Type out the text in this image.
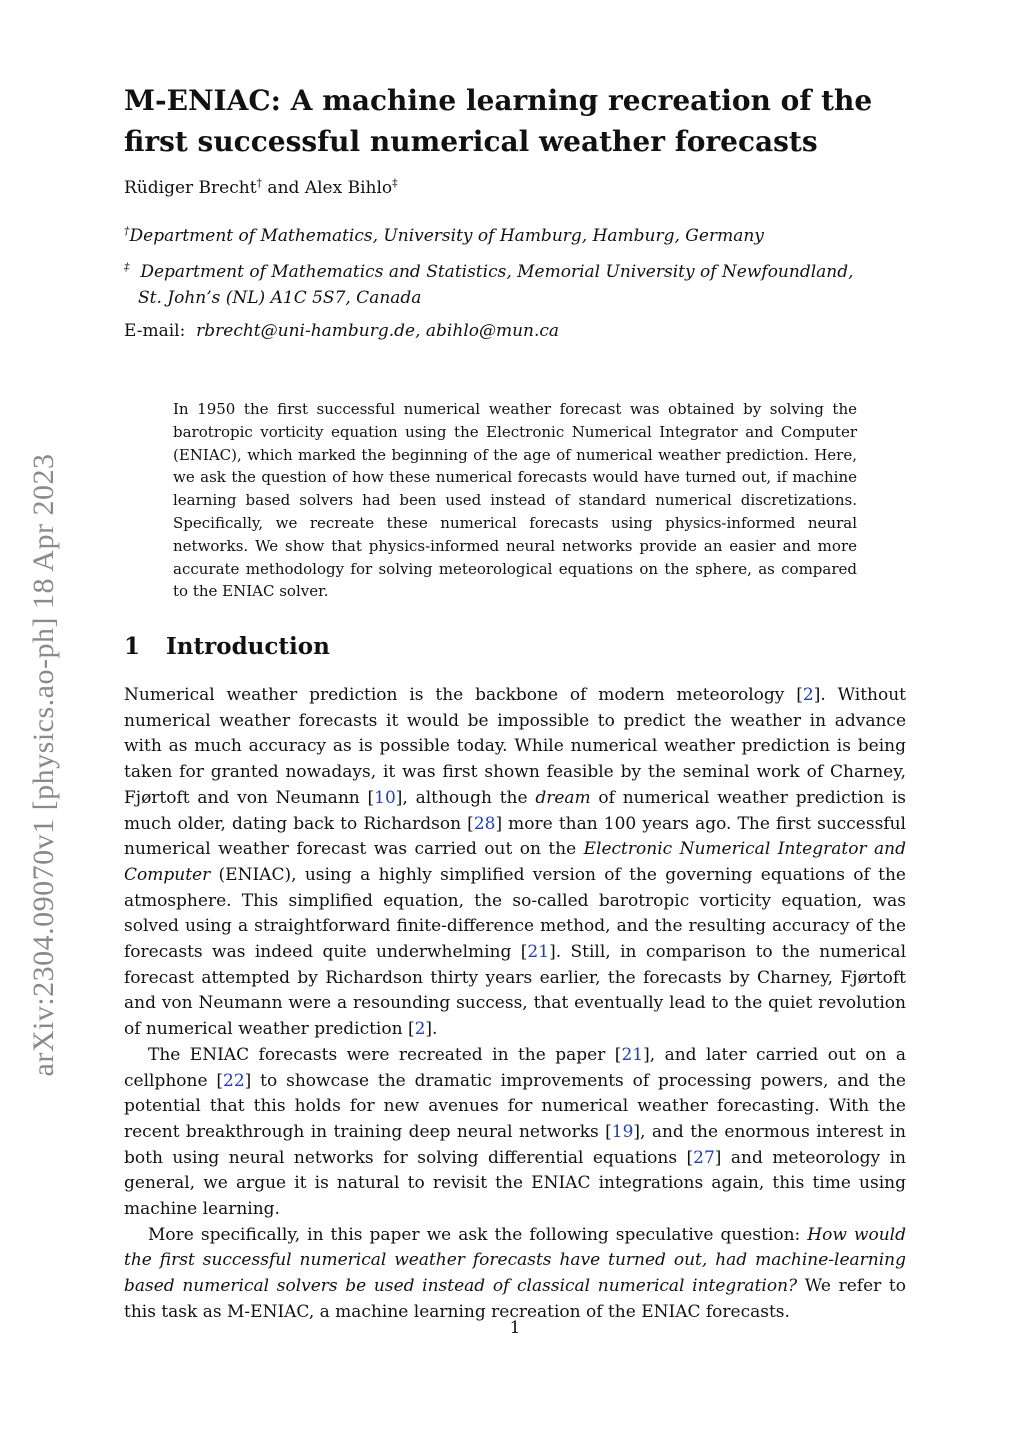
arXiv:2304.09070v1 [physics.ao-ph] 18 Apr 2023
M-ENIAC: A machine learning recreation of the first successful numerical weather forecasts
Rüdiger Brecht† and Alex Bihlo‡
†Department of Mathematics, University of Hamburg, Hamburg, Germany
‡ Department of Mathematics and Statistics, Memorial University of Newfoundland,
St. John’s (NL) A1C 5S7, Canada
E-mail: rbrecht@uni-hamburg.de, abihlo@mun.ca

In 1950 the first successful numerical weather forecast was obtained by solving the barotropic vorticity equation using the Electronic Numerical Integrator and Computer (ENIAC), which marked the beginning of the age of numerical weather prediction. Here, we ask the question of how these numerical forecasts would have turned out, if machine learning based solvers had been used instead of standard numerical discretizations. Specifically, we recreate these numerical forecasts using physics-informed neural networks. We show that physics-informed neural networks provide an easier and more accurate methodology for solving meteorological equations on the sphere, as compared to the ENIAC solver.

1 Introduction

Numerical weather prediction is the backbone of modern meteorology [2]. Without numerical weather forecasts it would be impossible to predict the weather in advance with as much accuracy as is possible today. While numerical weather prediction is being taken for granted nowadays, it was first shown feasible by the seminal work of Charney, Fjørtoft and von Neumann [10], although the dream of numerical weather prediction is much older, dating back to Richardson [28] more than 100 years ago. The first successful numerical weather forecast was carried out on the Electronic Numerical Integrator and Computer (ENIAC), using a highly simplified version of the governing equations of the atmosphere. This simplified equation, the so-called barotropic vorticity equation, was solved using a straightforward finite-difference method, and the resulting accuracy of the forecasts was indeed quite underwhelming [21]. Still, in comparison to the numerical forecast attempted by Richardson thirty years earlier, the forecasts by Charney, Fjørtoft and von Neumann were a resounding success, that eventually lead to the quiet revolution of numerical weather prediction [2].

The ENIAC forecasts were recreated in the paper [21], and later carried out on a cellphone [22] to showcase the dramatic improvements of processing powers, and the potential that this holds for new avenues for numerical weather forecasting. With the recent breakthrough in training deep neural networks [19], and the enormous interest in both using neural networks for solving differential equations [27] and meteorology in general, we argue it is natural to revisit the ENIAC integrations again, this time using machine learning.

More specifically, in this paper we ask the following speculative question: How would the first successful numerical weather forecasts have turned out, had machine-learning based numerical solvers be used instead of classical numerical integration? We refer to this task as M-ENIAC, a machine learning recreation of the ENIAC forecasts.

1
